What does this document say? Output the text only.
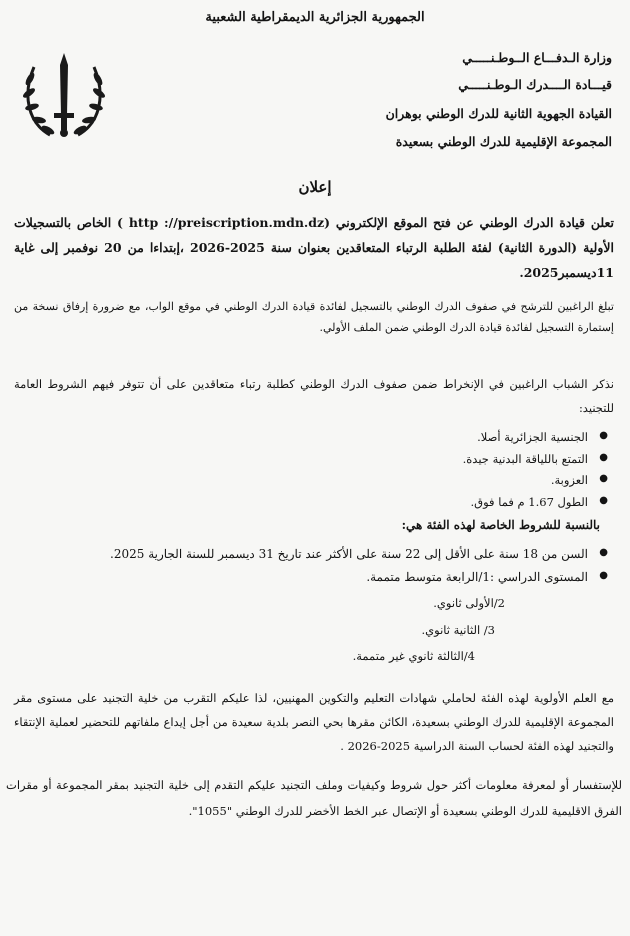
الجمهورية الجزائرية الديمقراطية الشعبية
وزارة الـدفـــاع الــوطـنـــــي
قيـــادة الــــدرك الـوطـنـــــي
القيادة الجهوية الثانية للدرك الوطني بوهران
المجموعة الإقليمية للدرك الوطني بسعيدة
إعلان
تعلن قيادة الدرك الوطني عن فتح الموقع الإلكتروني (http ://preiscription.mdn.dz ) الخاص بالتسجيلات الأولية (الدورة الثانية) لفئة الطلبة الرتباء المتعاقدين بعنوان سنة 2025-2026 ،إبتداءا من 20 نوفمبر إلى غاية 11ديسمبر2025.
تبلغ الراغبين للترشح في صفوف الدرك الوطني بالتسجيل لفائدة قيادة الدرك الوطني في موقع الواب، مع ضرورة إرفاق نسخة من إستمارة التسجيل لفائدة قيادة الدرك الوطني ضمن الملف الأولي.
نذكر الشباب الراغبين في الإنخراط ضمن صفوف الدرك الوطني كطلبة رتباء متعاقدين على أن تتوفر فيهم الشروط العامة للتجنيد:
● الجنسية الجزائرية أصلا.
● التمتع باللياقة البدنية جيدة.
● العزوبة.
● الطول 1.67 م فما فوق.
بالنسبة للشروط الخاصة لهذه الفئة هي:
● السن من 18 سنة على الأقل إلى 22 سنة على الأكثر عند تاريخ 31 ديسمبر للسنة الجارية 2025.
● المستوى الدراسي :1/الرابعة متوسط متممة.
2/الأولى ثانوي.
3/ الثانية ثانوي.
4/الثالثة ثانوي غير متممة.
مع العلم الأولوية لهذه الفئة لحاملي شهادات التعليم والتكوين المهنيين، لذا عليكم التقرب من خلية التجنيد على مستوى مقر المجموعة الإقليمية للدرك الوطني بسعيدة، الكائن مقرها بحي النصر بلدية سعيدة من أجل إيداع ملفاتهم للتحضير لعملية الإنتقاء والتجنيد لهذه الفئة لحساب السنة الدراسية 2025-2026 .
للإستفسار أو لمعرفة معلومات أكثر حول شروط وكيفيات وملف التجنيد عليكم التقدم إلى خلية التجنيد بمقر المجموعة أو مقرات الفرق الاقليمية للدرك الوطني بسعيدة أو الإتصال عبر الخط الأخضر للدرك الوطني "1055".
